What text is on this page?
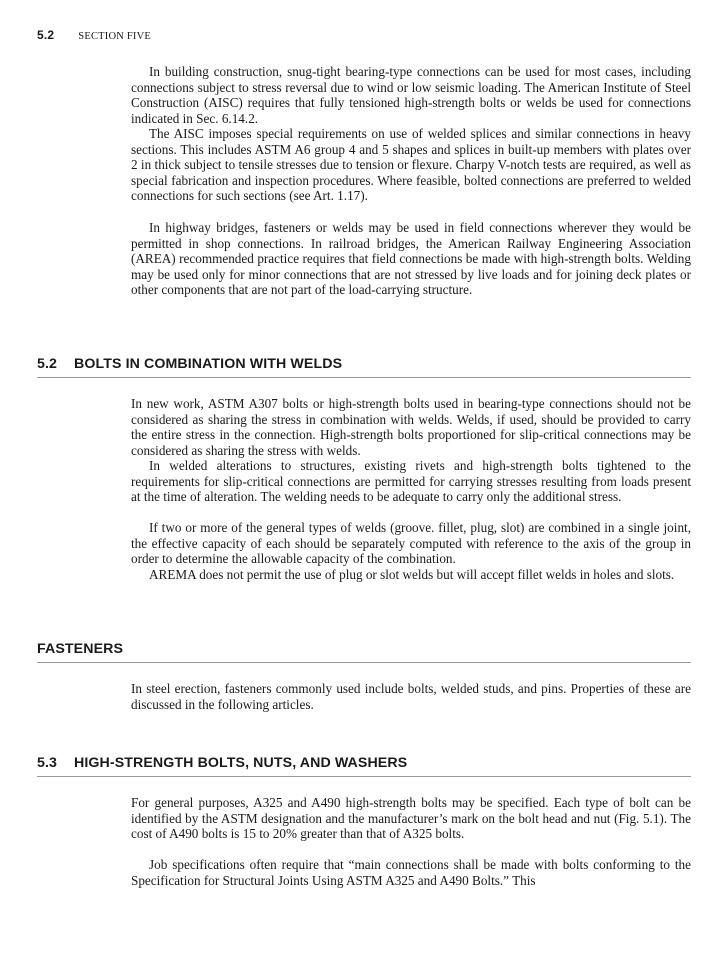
5.2 SECTION FIVE

In building construction, snug-tight bearing-type connections can be used for most cases, including connections subject to stress reversal due to wind or low seismic loading. The American Institute of Steel Construction (AISC) requires that fully tensioned high-strength bolts or welds be used for connections indicated in Sec. 6.14.2.

The AISC imposes special requirements on use of welded splices and similar connections in heavy sections. This includes ASTM A6 group 4 and 5 shapes and splices in built-up members with plates over 2 in thick subject to tensile stresses due to tension or flexure. Charpy V-notch tests are required, as well as special fabrication and inspection procedures. Where feasible, bolted connections are preferred to welded connections for such sections (see Art. 1.17).

In highway bridges, fasteners or welds may be used in field connections wherever they would be permitted in shop connections. In railroad bridges, the American Railway Engineering Association (AREA) recommended practice requires that field connections be made with high-strength bolts. Welding may be used only for minor connections that are not stressed by live loads and for joining deck plates or other components that are not part of the load-carrying structure.

5.2 BOLTS IN COMBINATION WITH WELDS

In new work, ASTM A307 bolts or high-strength bolts used in bearing-type connections should not be considered as sharing the stress in combination with welds. Welds, if used, should be provided to carry the entire stress in the connection. High-strength bolts proportioned for slip-critical connections may be considered as sharing the stress with welds.

In welded alterations to structures, existing rivets and high-strength bolts tightened to the requirements for slip-critical connections are permitted for carrying stresses resulting from loads present at the time of alteration. The welding needs to be adequate to carry only the additional stress.

If two or more of the general types of welds (groove. fillet, plug, slot) are combined in a single joint, the effective capacity of each should be separately computed with reference to the axis of the group in order to determine the allowable capacity of the combination.

AREMA does not permit the use of plug or slot welds but will accept fillet welds in holes and slots.

FASTENERS

In steel erection, fasteners commonly used include bolts, welded studs, and pins. Properties of these are discussed in the following articles.

5.3 HIGH-STRENGTH BOLTS, NUTS, AND WASHERS

For general purposes, A325 and A490 high-strength bolts may be specified. Each type of bolt can be identified by the ASTM designation and the manufacturer’s mark on the bolt head and nut (Fig. 5.1). The cost of A490 bolts is 15 to 20% greater than that of A325 bolts.

Job specifications often require that “main connections shall be made with bolts conforming to the Specification for Structural Joints Using ASTM A325 and A490 Bolts.” This
